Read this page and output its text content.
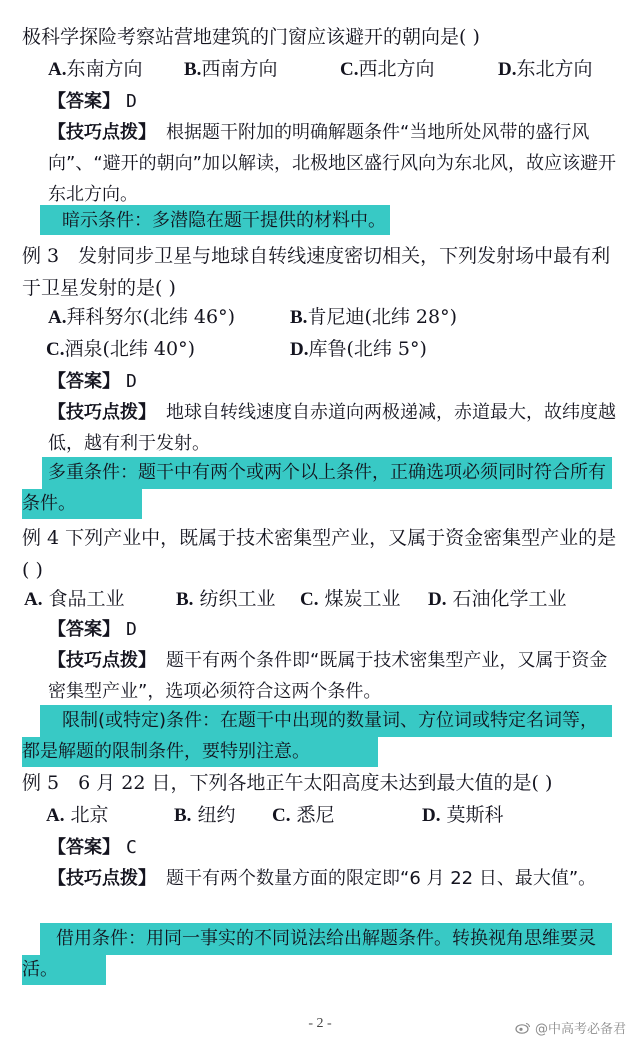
极科学探险考察站营地建筑的门窗应该避开的朝向是( )
A.东南方向 B.西南方向	C.西北方向	D.东北方向
【答案】 D
【技巧点拨】 根据题干附加的明确解题条件“当地所处风带的盛行风向”、“避开的朝向”加以解读，北极地区盛行风向为东北风，故应该避开东北方向。
暗示条件：多潜隐在题干提供的材料中。
例 3　发射同步卫星与地球自转线速度密切相关，下列发射场中最有利于卫星发射的是( )
A.拜科努尔(北纬 46°)	B.肯尼迪(北纬 28°)
C.酒泉(北纬 40°)	D.库鲁(北纬 5°)
【答案】 D
【技巧点拨】 地球自转线速度自赤道向两极递减，赤道最大，故纬度越低，越有利于发射。
多重条件：题干中有两个或两个以上条件，正确选项必须同时符合所有条件。
例 4 下列产业中，既属于技术密集型产业，又属于资金密集型产业的是( )
A. 食品工业	B. 纺织工业 C. 煤炭工业 D. 石油化学工业
【答案】 D
【技巧点拨】 题干有两个条件即“既属于技术密集型产业，又属于资金密集型产业”，选项必须符合这两个条件。
限制(或特定)条件：在题干中出现的数量词、方位词或特定名词等，都是解题的限制条件，要特别注意。
例 5　6 月 22 日，下列各地正午太阳高度未达到最大值的是( )
A. 北京	B. 纽约 C. 悉尼	D. 莫斯科
【答案】 C
【技巧点拨】 题干有两个数量方面的限定即“6 月 22 日、最大值”。
借用条件：用同一事实的不同说法给出解题条件。转换视角思维要灵活。
- 2 -	@中高考必备君
